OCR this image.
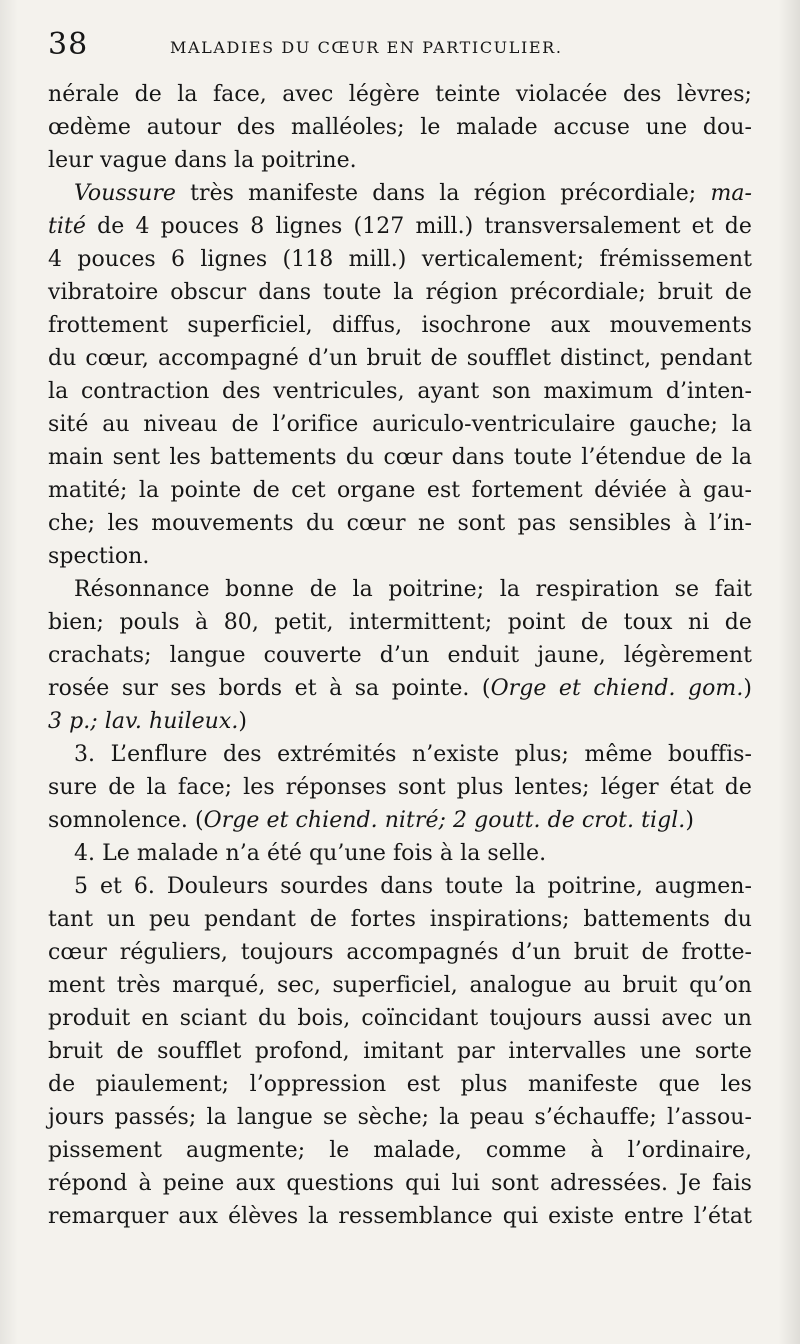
38	MALADIES DU CŒUR EN PARTICULIER.
nérale de la face, avec légère teinte violacée des lèvres;
œdème autour des malléoles; le malade accuse une dou-
leur vague dans la poitrine.
Voussure très manifeste dans la région précordiale; ma-
tité de 4 pouces 8 lignes (127 mill.) transversalement et de
4 pouces 6 lignes (118 mill.) verticalement; frémissement
vibratoire obscur dans toute la région précordiale; bruit de
frottement superficiel, diffus, isochrone aux mouvements
du cœur, accompagné d’un bruit de soufflet distinct, pendant
la contraction des ventricules, ayant son maximum d’inten-
sité au niveau de l’orifice auriculo-ventriculaire gauche; la
main sent les battements du cœur dans toute l’étendue de la
matité; la pointe de cet organe est fortement déviée à gau-
che; les mouvements du cœur ne sont pas sensibles à l’in-
spection.
Résonnance bonne de la poitrine; la respiration se fait
bien; pouls à 80, petit, intermittent; point de toux ni de
crachats; langue couverte d’un enduit jaune, légèrement
rosée sur ses bords et à sa pointe. (Orge et chiend. gom.)
3 p.; lav. huileux.)
3. L’enflure des extrémités n’existe plus; même bouffis-
sure de la face; les réponses sont plus lentes; léger état de
somnolence. (Orge et chiend. nitré; 2 goutt. de crot. tigl.)
4. Le malade n’a été qu’une fois à la selle.
5 et 6. Douleurs sourdes dans toute la poitrine, augmen-
tant un peu pendant de fortes inspirations; battements du
cœur réguliers, toujours accompagnés d’un bruit de frotte-
ment très marqué, sec, superficiel, analogue au bruit qu’on
produit en sciant du bois, coïncidant toujours aussi avec un
bruit de soufflet profond, imitant par intervalles une sorte
de piaulement; l’oppression est plus manifeste que les
jours passés; la langue se sèche; la peau s’échauffe; l’assou-
pissement augmente; le malade, comme à l’ordinaire,
répond à peine aux questions qui lui sont adressées. Je fais
remarquer aux élèves la ressemblance qui existe entre l’état
